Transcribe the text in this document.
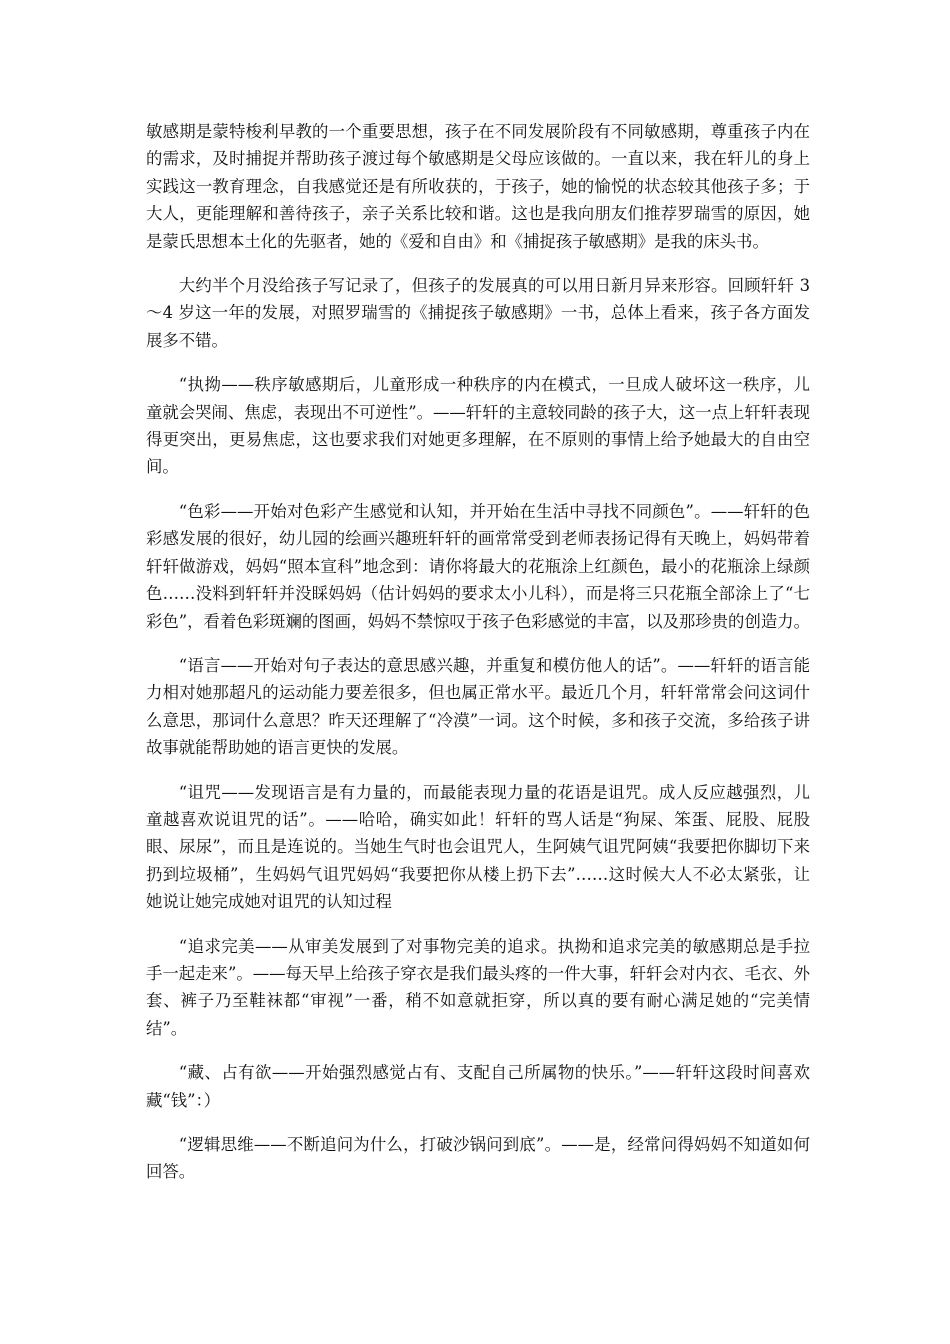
敏感期是蒙特梭利早教的一个重要思想，孩子在不同发展阶段有不同敏感期，尊重孩子内在的需求，及时捕捉并帮助孩子渡过每个敏感期是父母应该做的。一直以来，我在轩儿的身上实践这一教育理念，自我感觉还是有所收获的，于孩子，她的愉悦的状态较其他孩子多；于大人，更能理解和善待孩子，亲子关系比较和谐。这也是我向朋友们推荐罗瑞雪的原因，她是蒙氏思想本土化的先驱者，她的《爱和自由》和《捕捉孩子敏感期》是我的床头书。

大约半个月没给孩子写记录了，但孩子的发展真的可以用日新月异来形容。回顾轩轩 3～4 岁这一年的发展，对照罗瑞雪的《捕捉孩子敏感期》一书，总体上看来，孩子各方面发展多不错。

“执拗——秩序敏感期后，儿童形成一种秩序的内在模式，一旦成人破坏这一秩序，儿童就会哭闹、焦虑，表现出不可逆性”。——轩轩的主意较同龄的孩子大，这一点上轩轩表现得更突出，更易焦虑，这也要求我们对她更多理解，在不原则的事情上给予她最大的自由空间。

“色彩——开始对色彩产生感觉和认知，并开始在生活中寻找不同颜色”。——轩轩的色彩感发展的很好，幼儿园的绘画兴趣班轩轩的画常常受到老师表扬记得有天晚上，妈妈带着轩轩做游戏，妈妈“照本宣科”地念到：请你将最大的花瓶涂上红颜色，最小的花瓶涂上绿颜色……没料到轩轩并没睬妈妈（估计妈妈的要求太小儿科），而是将三只花瓶全部涂上了“七彩色”，看着色彩斑斓的图画，妈妈不禁惊叹于孩子色彩感觉的丰富，以及那珍贵的创造力。

“语言——开始对句子表达的意思感兴趣，并重复和模仿他人的话”。——轩轩的语言能力相对她那超凡的运动能力要差很多，但也属正常水平。最近几个月，轩轩常常会问这词什么意思，那词什么意思？昨天还理解了“冷漠”一词。这个时候，多和孩子交流，多给孩子讲故事就能帮助她的语言更快的发展。

“诅咒——发现语言是有力量的，而最能表现力量的花语是诅咒。成人反应越强烈，儿童越喜欢说诅咒的话”。——哈哈，确实如此！轩轩的骂人话是“狗屎、笨蛋、屁股、屁股眼、尿尿”，而且是连说的。当她生气时也会诅咒人，生阿姨气诅咒阿姨“我要把你脚切下来扔到垃圾桶”，生妈妈气诅咒妈妈“我要把你从楼上扔下去”……这时候大人不必太紧张，让她说让她完成她对诅咒的认知过程

“追求完美——从审美发展到了对事物完美的追求。执拗和追求完美的敏感期总是手拉手一起走来”。——每天早上给孩子穿衣是我们最头疼的一件大事，轩轩会对内衣、毛衣、外套、裤子乃至鞋袜都“审视”一番，稍不如意就拒穿，所以真的要有耐心满足她的“完美情结”。

“藏、占有欲——开始强烈感觉占有、支配自己所属物的快乐。”——轩轩这段时间喜欢藏“钱”：）

“逻辑思维——不断追问为什么，打破沙锅问到底”。——是，经常问得妈妈不知道如何回答。
